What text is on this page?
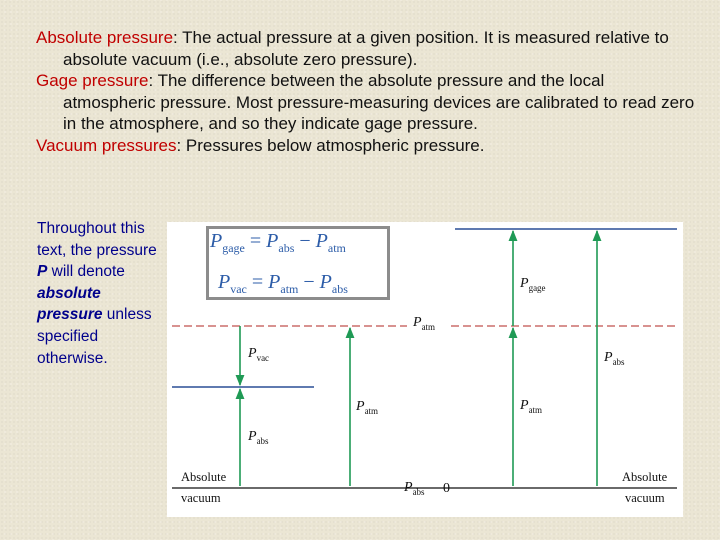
Absolute pressure: The actual pressure at a given position. It is measured relative to absolute vacuum (i.e., absolute zero pressure).

Gage pressure: The difference between the absolute pressure and the local atmospheric pressure. Most pressure-measuring devices are calibrated to read zero in the atmosphere, and so they indicate gage pressure.

Vacuum pressures: Pressures below atmospheric pressure.

Throughout this text, the pressure P will denote absolute pressure unless specified otherwise.
$P_{gage} = P_{abs} - P_{atm}$
$P_{vac} = P_{atm} - P_{abs}$
$P_{atm}$
$P_{vac}$
$P_{abs}$
$P_{atm}$
$P_{abs}$ 0
$P_{gage}$
$P_{atm}$
$P_{abs}$
Absolute
vacuum
Absolute
vacuum
